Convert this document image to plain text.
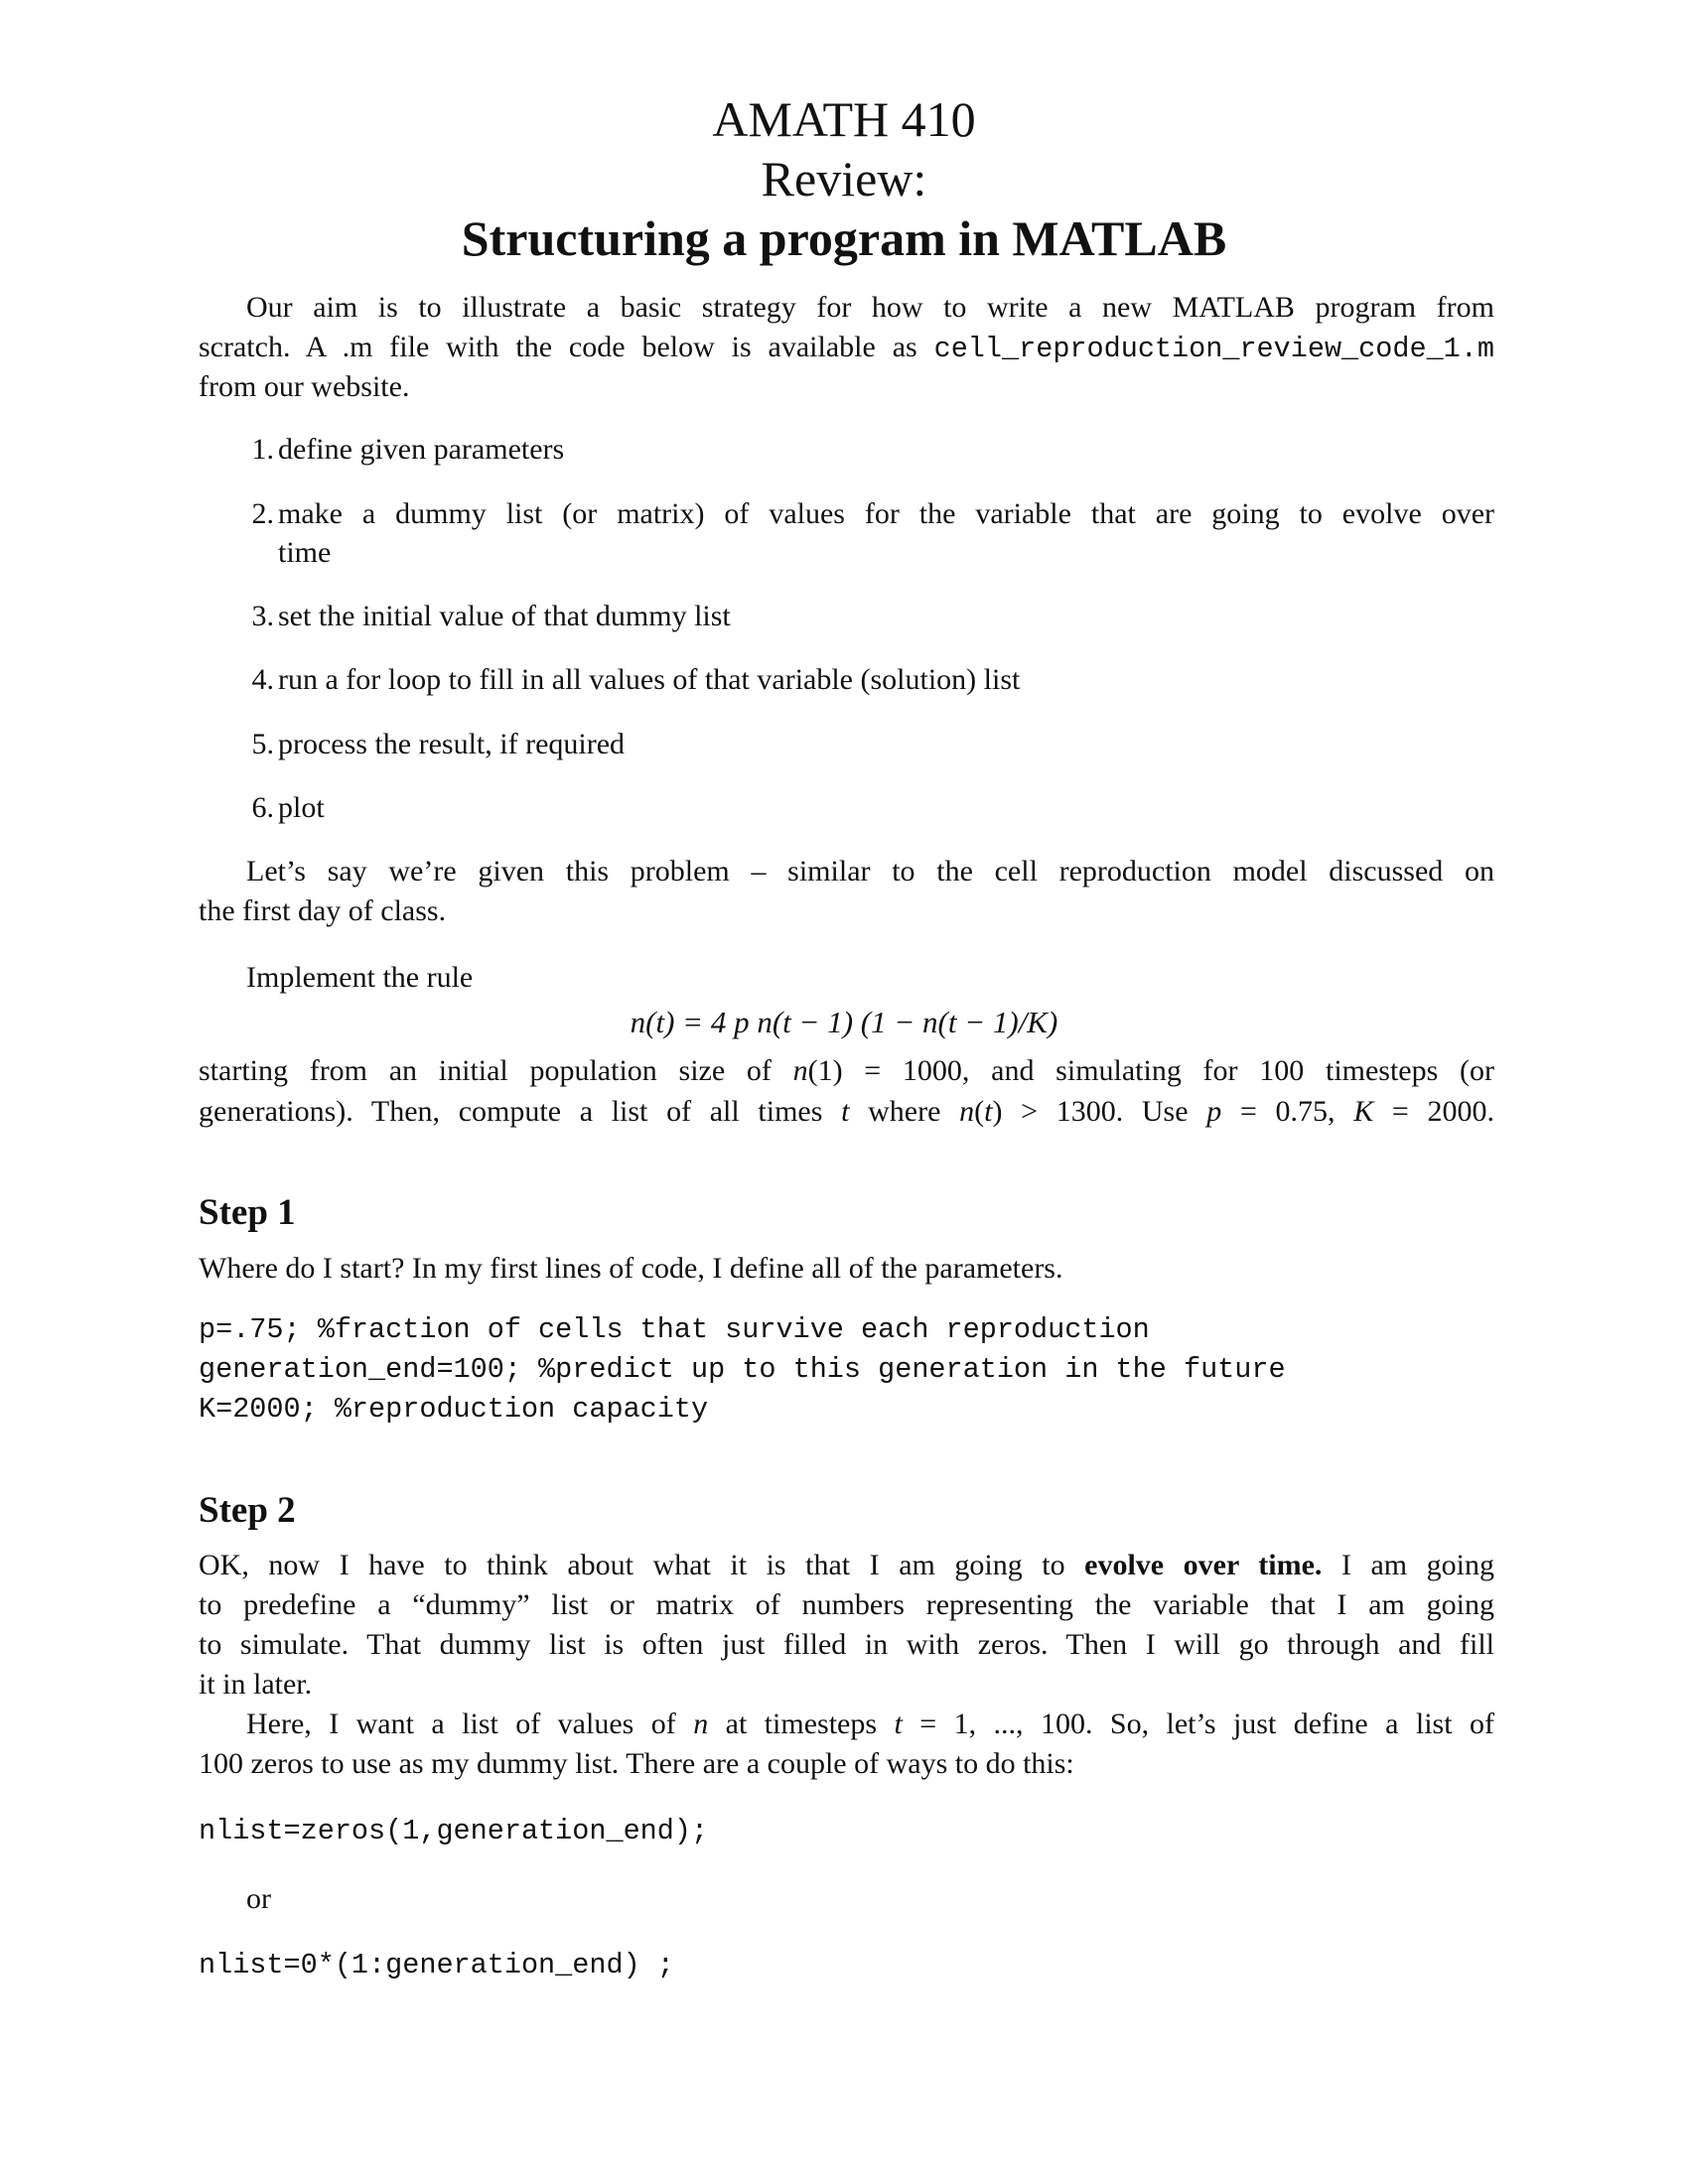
AMATH 410
Review:
Structuring a program in MATLAB
Our aim is to illustrate a basic strategy for how to write a new MATLAB program from
scratch. A .m file with the code below is available as cell_reproduction_review_code_1.m
from our website.
1. define given parameters
2. make a dummy list (or matrix) of values for the variable that are going to evolve over
time
3. set the initial value of that dummy list
4. run a for loop to fill in all values of that variable (solution) list
5. process the result, if required
6. plot
Let’s say we’re given this problem – similar to the cell reproduction model discussed on
the first day of class.
Implement the rule
n(t) = 4 p n(t − 1) (1 − n(t − 1)/K)
starting from an initial population size of n(1) = 1000, and simulating for 100 timesteps (or
generations). Then, compute a list of all times t where n(t) > 1300. Use p = 0.75, K = 2000.
Step 1
Where do I start? In my first lines of code, I define all of the parameters.
p=.75; %fraction of cells that survive each reproduction
generation_end=100; %predict up to this generation in the future
K=2000; %reproduction capacity
Step 2
OK, now I have to think about what it is that I am going to evolve over time. I am going
to predefine a “dummy” list or matrix of numbers representing the variable that I am going
to simulate. That dummy list is often just filled in with zeros. Then I will go through and fill
it in later.
Here, I want a list of values of n at timesteps t = 1, ..., 100. So, let’s just define a list of
100 zeros to use as my dummy list. There are a couple of ways to do this:
nlist=zeros(1,generation_end);
or
nlist=0*(1:generation_end) ;
